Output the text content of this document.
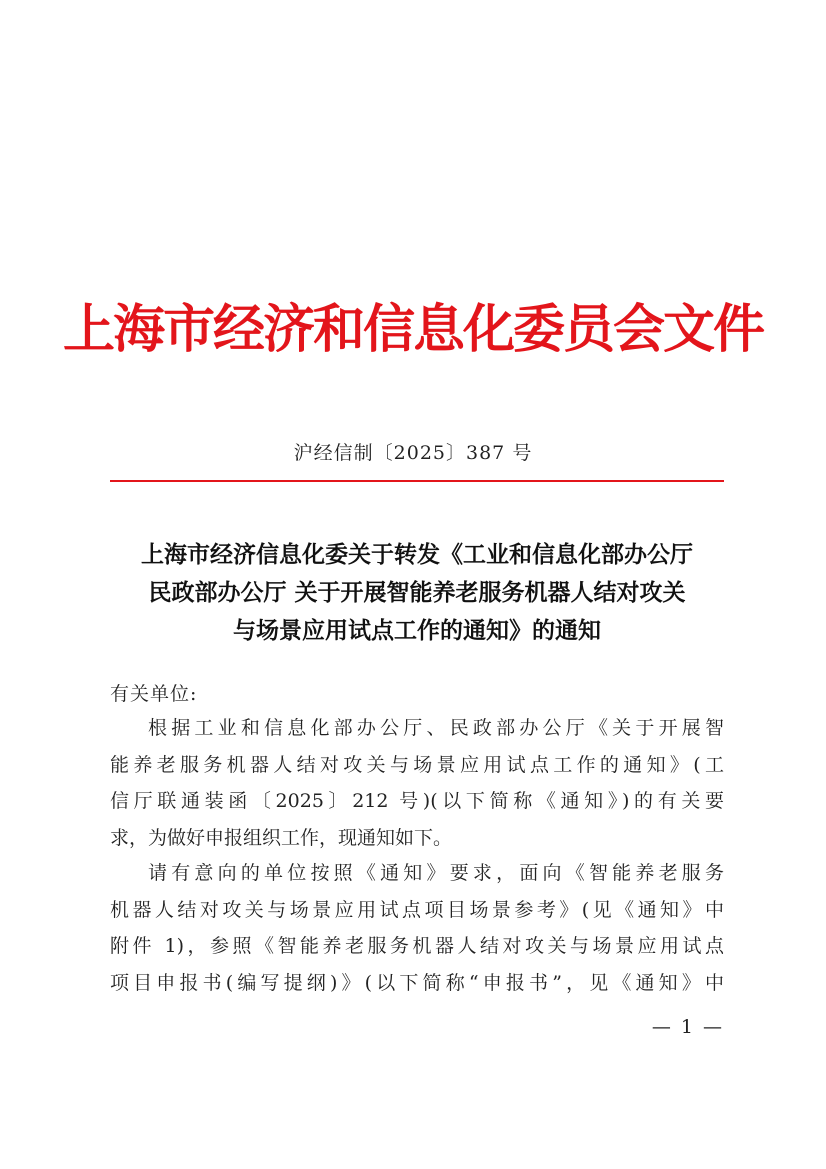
上海市经济和信息化委员会文件
沪经信制〔2025〕387 号
上海市经济信息化委关于转发《工业和信息化部办公厅
民政部办公厅 关于开展智能养老服务机器人结对攻关
与场景应用试点工作的通知》的通知
有关单位:
根据工业和信息化部办公厅、民政部办公厅《关于开展智
能养老服务机器人结对攻关与场景应用试点工作的通知》(工
信厅联通装函〔2025〕212 号)(以下简称《通知》)的有关要
求，为做好申报组织工作，现通知如下。
请有意向的单位按照《通知》要求，面向《智能养老服务
机器人结对攻关与场景应用试点项目场景参考》(见《通知》中
附件 1)，参照《智能养老服务机器人结对攻关与场景应用试点
项目申报书(编写提纲)》(以下简称“申报书”，见《通知》中
— 1 —
